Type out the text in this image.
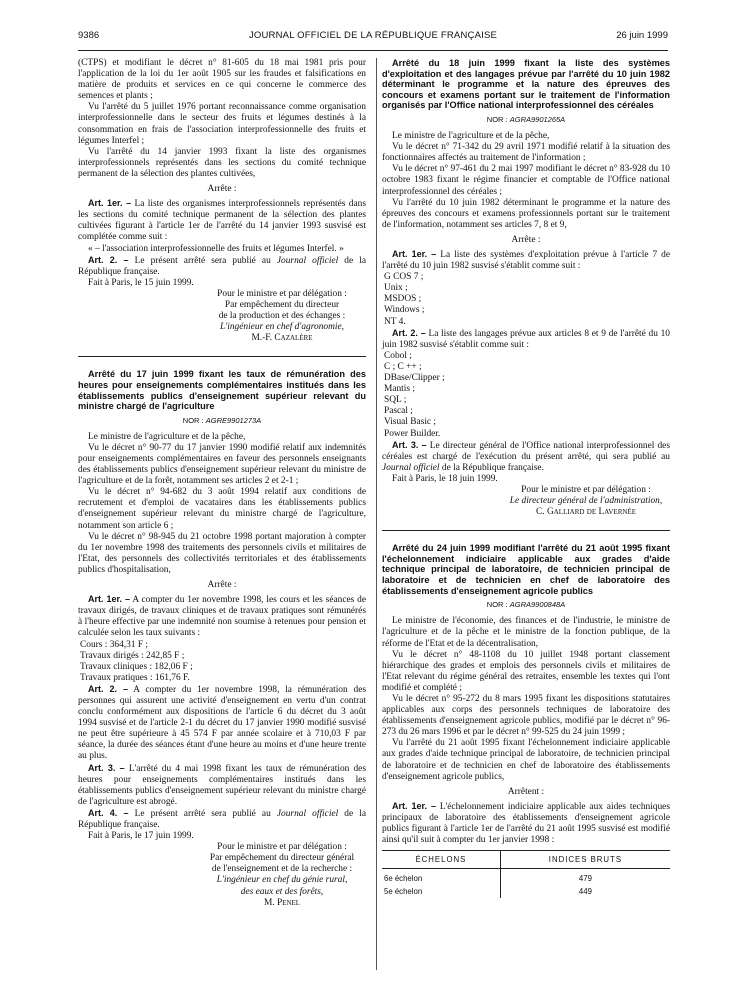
9386	JOURNAL OFFICIEL DE LA RÉPUBLIQUE FRANÇAISE	26 juin 1999

(CTPS) et modifiant le décret n° 81-605 du 18 mai 1981 pris pour l'application de la loi du 1er août 1905 sur les fraudes et falsifications en matière de produits et services en ce qui concerne le commerce des semences et plants ;

Vu l'arrêté du 5 juillet 1976 portant reconnaissance comme organisation interprofessionnelle dans le secteur des fruits et légumes destinés à la consommation en frais de l'association interprofessionnelle des fruits et légumes Interfel ;

Vu l'arrêté du 14 janvier 1993 fixant la liste des organismes interprofessionnels représentés dans les sections du comité technique permanent de la sélection des plantes cultivées,

Arrête :

Art. 1er. – La liste des organismes interprofessionnels représentés dans les sections du comité technique permanent de la sélection des plantes cultivées figurant à l'article 1er de l'arrêté du 14 janvier 1993 susvisé est complétée comme suit :

« – l'association interprofessionnelle des fruits et légumes Interfel. »

Art. 2. – Le présent arrêté sera publié au Journal officiel de la République française.

Fait à Paris, le 15 juin 1999.

Pour le ministre et par délégation :
Par empêchement du directeur
de la production et des échanges :
L'ingénieur en chef d'agronomie,
M.-F. Cazalère

Arrêté du 17 juin 1999 fixant les taux de rémunération des heures pour enseignements complémentaires institués dans les établissements publics d'enseignement supérieur relevant du ministre chargé de l'agriculture

NOR : AGRE9901273A

Le ministre de l'agriculture et de la pêche,

Vu le décret n° 90-77 du 17 janvier 1990 modifié relatif aux indemnités pour enseignements complémentaires en faveur des personnels enseignants des établissements publics d'enseignement supérieur relevant du ministre de l'agriculture et de la forêt, notamment ses articles 2 et 2-1 ;

Vu le décret n° 94-682 du 3 août 1994 relatif aux conditions de recrutement et d'emploi de vacataires dans les établissements publics d'enseignement supérieur relevant du ministre chargé de l'agriculture, notamment son article 6 ;

Vu le décret n° 98-945 du 21 octobre 1998 portant majoration à compter du 1er novembre 1998 des traitements des personnels civils et militaires de l'Etat, des personnels des collectivités territoriales et des établissements publics d'hospitalisation,

Arrête :

Art. 1er. – A compter du 1er novembre 1998, les cours et les séances de travaux dirigés, de travaux cliniques et de travaux pratiques sont rémunérés à l'heure effective par une indemnité non soumise à retenues pour pension et calculée selon les taux suivants :

Cours : 364,31 F ;
Travaux dirigés : 242,85 F ;
Travaux cliniques : 182,06 F ;
Travaux pratiques : 161,76 F.

Art. 2. – A compter du 1er novembre 1998, la rémunération des personnes qui assurent une activité d'enseignement en vertu d'un contrat conclu conformément aux dispositions de l'article 6 du décret du 3 août 1994 susvisé et de l'article 2-1 du décret du 17 janvier 1990 modifié susvisé ne peut être supérieure à 45 574 F par année scolaire et à 710,03 F par séance, la durée des séances étant d'une heure au moins et d'une heure trente au plus.

Art. 3. – L'arrêté du 4 mai 1998 fixant les taux de rémunération des heures pour enseignements complémentaires institués dans les établissements publics d'enseignement supérieur relevant du ministre chargé de l'agriculture est abrogé.

Art. 4. – Le présent arrêté sera publié au Journal officiel de la République française.

Fait à Paris, le 17 juin 1999.

Pour le ministre et par délégation :
Par empêchement du directeur général
de l'enseignement et de la recherche :
L'ingénieur en chef du génie rural,
des eaux et des forêts,
M. Penel

Arrêté du 18 juin 1999 fixant la liste des systèmes d'exploitation et des langages prévue par l'arrêté du 10 juin 1982 déterminant le programme et la nature des épreuves des concours et examens portant sur le traitement de l'information organisés par l'Office national interprofessionnel des céréales

NOR : AGRA9901265A

Le ministre de l'agriculture et de la pêche,

Vu le décret n° 71-342 du 29 avril 1971 modifié relatif à la situation des fonctionnaires affectés au traitement de l'information ;

Vu le décret n° 97-461 du 2 mai 1997 modifiant le décret n° 83-928 du 10 octobre 1983 fixant le régime financier et comptable de l'Office national interprofessionnel des céréales ;

Vu l'arrêté du 10 juin 1982 déterminant le programme et la nature des épreuves des concours et examens professionnels portant sur le traitement de l'information, notamment ses articles 7, 8 et 9,

Arrête :

Art. 1er. – La liste des systèmes d'exploitation prévue à l'article 7 de l'arrêté du 10 juin 1982 susvisé s'établit comme suit :

G COS 7 ;
Unix ;
MSDOS ;
Windows ;
NT 4.

Art. 2. – La liste des langages prévue aux articles 8 et 9 de l'arrêté du 10 juin 1982 susvisé s'établit comme suit :

Cobol ;
C ; C ++ ;
DBase/Clipper ;
Mantis ;
SQL ;
Pascal ;
Visual Basic ;
Power Builder.

Art. 3. – Le directeur général de l'Office national interprofessionnel des céréales est chargé de l'exécution du présent arrêté, qui sera publié au Journal officiel de la République française.

Fait à Paris, le 18 juin 1999.

Pour le ministre et par délégation :
Le directeur général de l'administration,
C. Galliard de Lavernée

Arrêté du 24 juin 1999 modifiant l'arrêté du 21 août 1995 fixant l'échelonnement indiciaire applicable aux grades d'aide technique principal de laboratoire, de technicien principal de laboratoire et de technicien en chef de laboratoire des établissements d'enseignement agricole publics

NOR : AGRA9900848A

Le ministre de l'économie, des finances et de l'industrie, le ministre de l'agriculture et de la pêche et le ministre de la fonction publique, de la réforme de l'Etat et de la décentralisation,

Vu le décret n° 48-1108 du 10 juillet 1948 portant classement hiérarchique des grades et emplois des personnels civils et militaires de l'Etat relevant du régime général des retraites, ensemble les textes qui l'ont modifié et complété ;

Vu le décret n° 95-272 du 8 mars 1995 fixant les dispositions statutaires applicables aux corps des personnels techniques de laboratoire des établissements d'enseignement agricole publics, modifié par le décret n° 96-273 du 26 mars 1996 et par le décret n° 99-525 du 24 juin 1999 ;

Vu l'arrêté du 21 août 1995 fixant l'échelonnement indiciaire applicable aux grades d'aide technique principal de laboratoire, de technicien principal de laboratoire et de technicien en chef de laboratoire des établissements d'enseignement agricole publics,

Arrêtent :

Art. 1er. – L'échelonnement indiciaire applicable aux aides techniques principaux de laboratoire des établissements d'enseignement agricole publics figurant à l'article 1er de l'arrêté du 21 août 1995 susvisé est modifié ainsi qu'il suit à compter du 1er janvier 1998 :

ÉCHELONS	INDICES BRUTS
6e échelon	479
5e échelon	449
